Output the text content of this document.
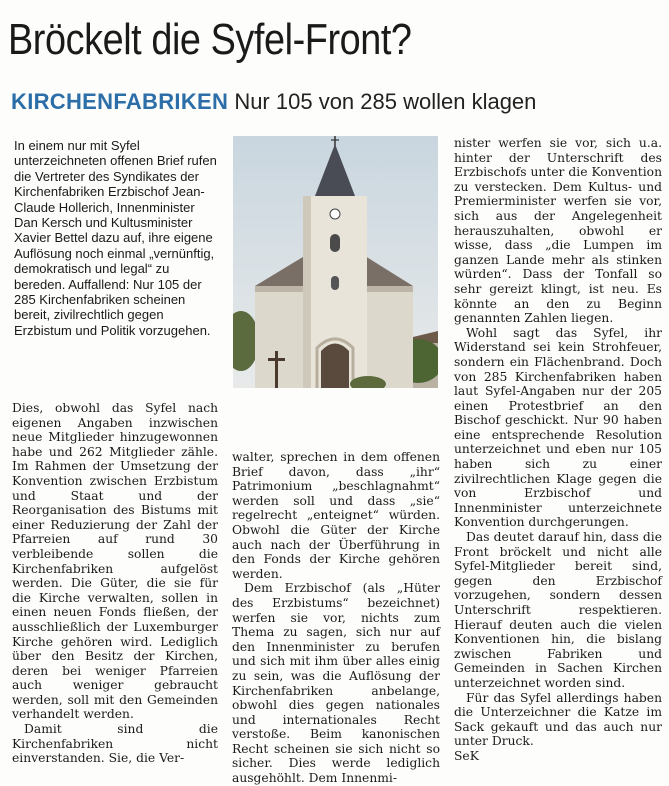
Bröckelt die Syfel-Front?
KIRCHENFABRIKEN Nur 105 von 285 wollen klagen

In einem nur mit Syfel unterzeichneten offenen Brief rufen die Vertreter des Syndikates der Kirchenfabriken Erzbischof Jean-Claude Hollerich, Innenminister Dan Kersch und Kultusminister Xavier Bettel dazu auf, ihre eigene Auflösung noch einmal „vernünftig, demokratisch und legal“ zu bereden. Auffallend: Nur 105 der 285 Kirchenfabriken scheinen bereit, zivilrechtlich gegen Erzbistum und Politik vorzugehen.

Dies, obwohl das Syfel nach eigenen Angaben inzwischen neue Mitglieder hinzugewonnen habe und 262 Mitglieder zähle. Im Rahmen der Umsetzung der Konvention zwischen Erzbistum und Staat und der Reorganisation des Bistums mit einer Reduzierung der Zahl der Pfarreien auf rund 30 verbleibende sollen die Kirchenfabriken aufgelöst werden. Die Güter, die sie für die Kirche verwalten, sollen in einen neuen Fonds fließen, der ausschließlich der Luxemburger Kirche gehören wird. Lediglich über den Besitz der Kirchen, deren bei weniger Pfarreien auch weniger gebraucht werden, soll mit den Gemeinden verhandelt werden.

Damit sind die Kirchenfabriken nicht einverstanden. Sie, die Ver-

walter, sprechen in dem offenen Brief davon, dass „ihr“ Patrimonium „beschlagnahmt“ werden soll und dass „sie“ regelrecht „enteignet“ würden. Obwohl die Güter der Kirche auch nach der Überführung in den Fonds der Kirche gehören werden.

Dem Erzbischof (als „Hüter des Erzbistums“ bezeichnet) werfen sie vor, nichts zum Thema zu sagen, sich nur auf den Innenminister zu berufen und sich mit ihm über alles einig zu sein, was die Auflösung der Kirchenfabriken anbelange, obwohl dies gegen nationales und internationales Recht verstoße. Beim kanonischen Recht scheinen sie sich nicht so sicher. Dies werde lediglich ausgehöhlt. Dem Innenmi-

nister werfen sie vor, sich u.a. hinter der Unterschrift des Erzbischofs unter die Konvention zu verstecken. Dem Kultus- und Premierminister werfen sie vor, sich aus der Angelegenheit herauszuhalten, obwohl er wisse, dass „die Lumpen im ganzen Lande mehr als stinken würden“. Dass der Tonfall so sehr gereizt klingt, ist neu. Es könnte an den zu Beginn genannten Zahlen liegen.

Wohl sagt das Syfel, ihr Widerstand sei kein Strohfeuer, sondern ein Flächenbrand. Doch von 285 Kirchenfabriken haben laut Syfel-Angaben nur der 205 einen Protestbrief an den Bischof geschickt. Nur 90 haben eine entsprechende Resolution unterzeichnet und eben nur 105 haben sich zu einer zivilrechtlichen Klage gegen die von Erzbischof und Innenminister unterzeichnete Konvention durchgerungen.

Das deutet darauf hin, dass die Front bröckelt und nicht alle Syfel-Mitglieder bereit sind, gegen den Erzbischof vorzugehen, sondern dessen Unterschrift respektieren. Hierauf deuten auch die vielen Konventionen hin, die bislang zwischen Fabriken und Gemeinden in Sachen Kirchen unterzeichnet worden sind.

Für das Syfel allerdings haben die Unterzeichner die Katze im Sack gekauft und das auch nur unter Druck.

SeK
